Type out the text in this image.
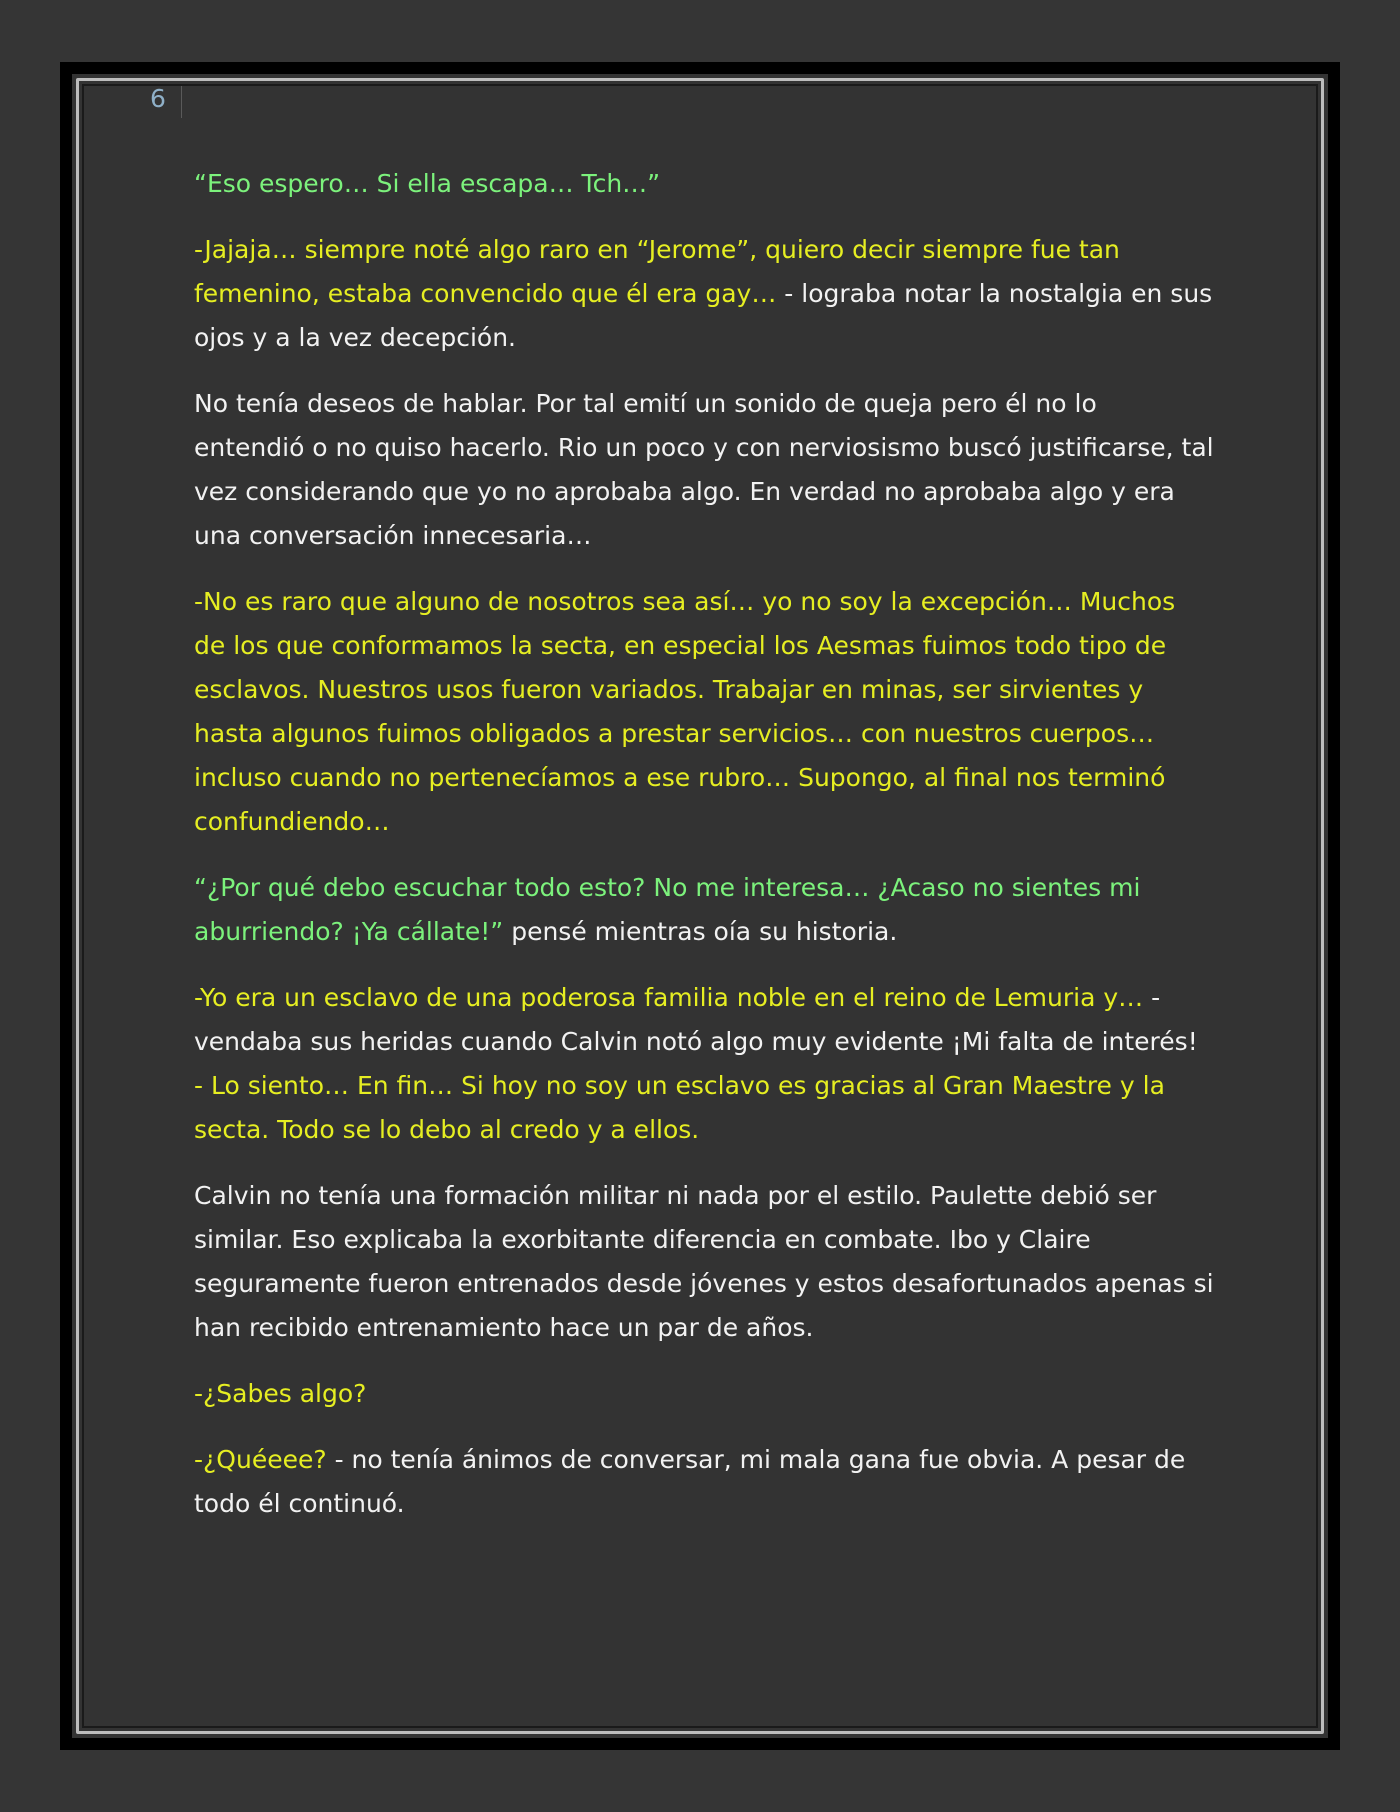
6

“Eso espero… Si ella escapa… Tch…”

-Jajaja… siempre noté algo raro en “Jerome”, quiero decir siempre fue tan femenino, estaba convencido que él era gay… - lograba notar la nostalgia en sus ojos y a la vez decepción.

No tenía deseos de hablar. Por tal emití un sonido de queja pero él no lo entendió o no quiso hacerlo. Rio un poco y con nerviosismo buscó justificarse, tal vez considerando que yo no aprobaba algo. En verdad no aprobaba algo y era una conversación innecesaria…

-No es raro que alguno de nosotros sea así… yo no soy la excepción… Muchos de los que conformamos la secta, en especial los Aesmas fuimos todo tipo de esclavos. Nuestros usos fueron variados. Trabajar en minas, ser sirvientes y hasta algunos fuimos obligados a prestar servicios… con nuestros cuerpos… incluso cuando no pertenecíamos a ese rubro… Supongo, al final nos terminó confundiendo…

“¿Por qué debo escuchar todo esto? No me interesa… ¿Acaso no sientes mi aburriendo? ¡Ya cállate!” pensé mientras oía su historia.

-Yo era un esclavo de una poderosa familia noble en el reino de Lemuria y… - vendaba sus heridas cuando Calvin notó algo muy evidente ¡Mi falta de interés! - Lo siento… En fin… Si hoy no soy un esclavo es gracias al Gran Maestre y la secta. Todo se lo debo al credo y a ellos.

Calvin no tenía una formación militar ni nada por el estilo. Paulette debió ser similar. Eso explicaba la exorbitante diferencia en combate. Ibo y Claire seguramente fueron entrenados desde jóvenes y estos desafortunados apenas si han recibido entrenamiento hace un par de años.

-¿Sabes algo?

-¿Quéeee? - no tenía ánimos de conversar, mi mala gana fue obvia. A pesar de todo él continuó.
